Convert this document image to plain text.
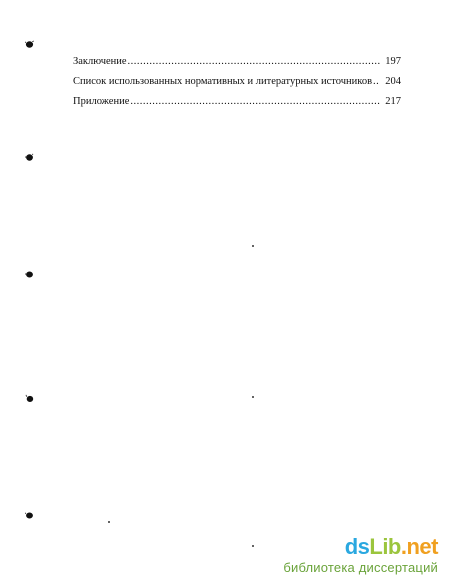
Заключение .....	197
Список использованных нормативных и литературных источников .....	204
Приложение .....	217
dsLib.net
библиотека диссертаций
